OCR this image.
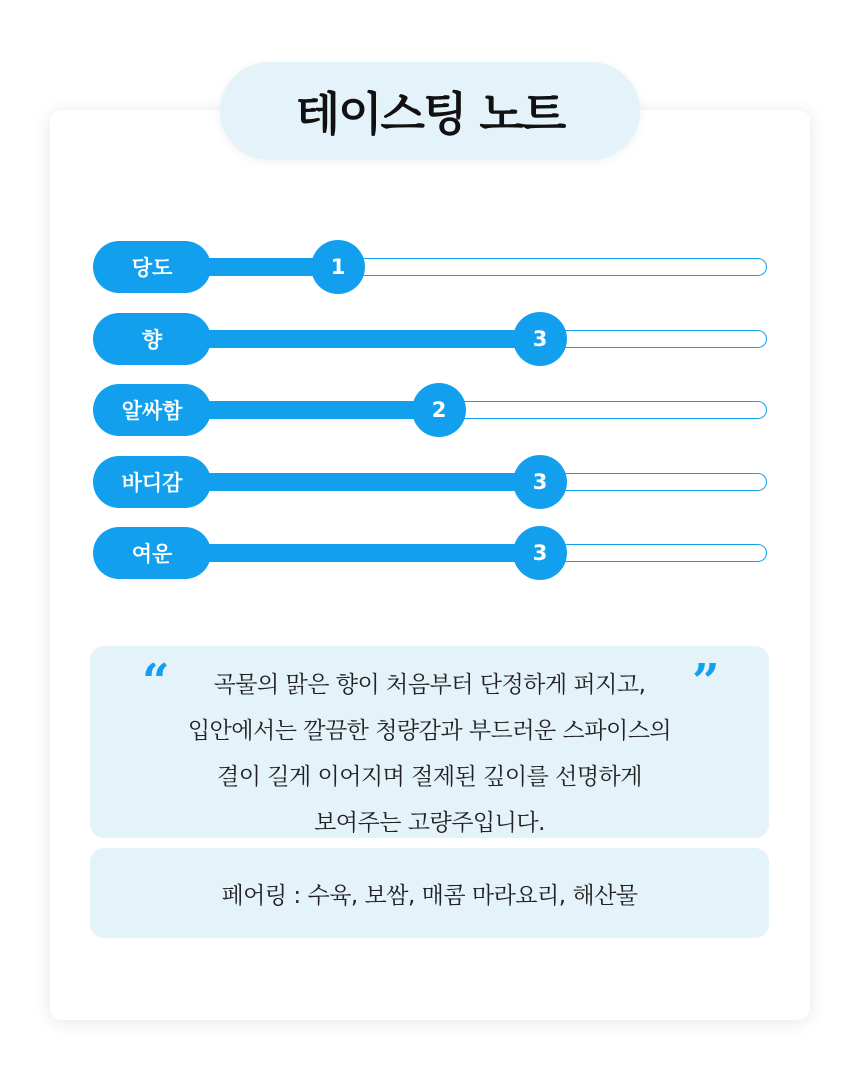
테이스팅 노트
당도	1
향	3
알싸함	2
바디감	3
여운	3
“	”
곡물의 맑은 향이 처음부터 단정하게 퍼지고,
입안에서는 깔끔한 청량감과 부드러운 스파이스의
결이 길게 이어지며 절제된 깊이를 선명하게
보여주는 고량주입니다.
페어링 : 수육, 보쌈, 매콤 마라요리, 해산물
